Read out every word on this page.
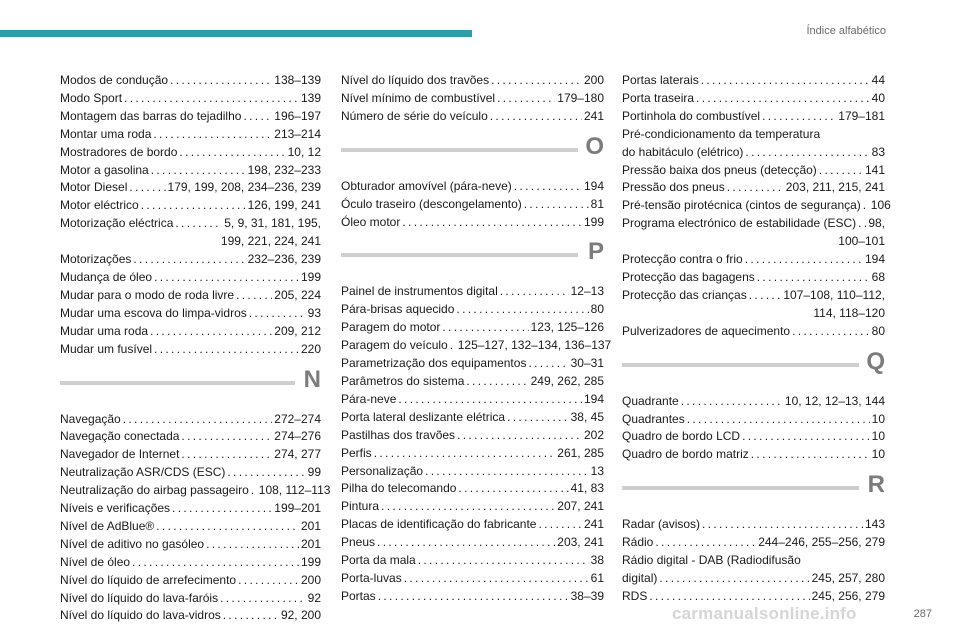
Índice alfabético
Modos de condução . . .	138–139
Modo Sport . . .	139
Montagem das barras do tejadilho . . .	196–197
Montar uma roda . . .	213–214
Mostradores de bordo . . .	10, 12
Motor a gasolina . . .	198, 232–233
Motor Diesel . . .	179, 199, 208, 234–236, 239
Motor eléctrico . . .	126, 199, 241
Motorização eléctrica . . .	5, 9, 31, 181, 195,
199, 221, 224, 241
Motorizações . . .	232–236, 239
Mudança de óleo . . .	199
Mudar para o modo de roda livre . . .	205, 224
Mudar uma escova do limpa-vidros . . .	93
Mudar uma roda . . .	209, 212
Mudar um fusível . . .	220
N
Navegação . . .	272–274
Navegação conectada . . .	274–276
Navegador de Internet . . .	274, 277
Neutralização ASR/CDS (ESC) . . .	99
Neutralização do airbag passageiro . . . 108, 112–113
Níveis e verificações . . .	199–201
Nível de AdBlue® . . .	201
Nível de aditivo no gasóleo . . .	201
Nível de óleo . . .	199
Nível do líquido de arrefecimento . . .	200
Nível do líquido do lava-faróis . . .	92
Nível do líquido do lava-vidros . . .	92, 200
Nível do líquido dos travões . . .	200
Nível mínimo de combustível . . .	179–180
Número de série do veículo . . .	241
O
Obturador amovível (pára-neve) . . .	194
Óculo traseiro (descongelamento) . . .	81
Óleo motor . . .	199
P
Painel de instrumentos digital . . .	12–13
Pára-brisas aquecido . . .	80
Paragem do motor . . .	123, 125–126
Paragem do veículo . . . 125–127, 132–134, 136–137
Parametrização dos equipamentos . . .	30–31
Parâmetros do sistema . . .	249, 262, 285
Pára-neve . . .	194
Porta lateral deslizante elétrica . . .	38, 45
Pastilhas dos travões . . .	202
Perfis . . .	261, 285
Personalização . . .	13
Pilha do telecomando . . .	41, 83
Pintura . . .	207, 241
Placas de identificação do fabricante . . .	241
Pneus . . .	203, 241
Porta da mala . . .	38
Porta-luvas . . .	61
Portas . . .	38–39
Portas laterais . . .	44
Porta traseira . . .	40
Portinhola do combustível . . .	179–181
Pré-condicionamento da temperatura
do habitáculo (elétrico) . . .	83
Pressão baixa dos pneus (detecção) . . .	141
Pressão dos pneus . . .	203, 211, 215, 241
Pré-tensão pirotécnica (cintos de segurança) . . . 106
Programa electrónico de estabilidade (ESC) . . . 98,
100–101
Protecção contra o frio . . .	194
Protecção das bagagens . . .	68
Protecção das crianças . . .	107–108, 110–112,
114, 118–120
Pulverizadores de aquecimento . . .	80
Q
Quadrante . . .	10, 12, 12–13, 144
Quadrantes . . .	10
Quadro de bordo LCD . . .	10
Quadro de bordo matriz . . .	10
R
Radar (avisos) . . .	143
Rádio . . .	244–246, 255–256, 279
Rádio digital - DAB (Radiodifusão
digital) . . .	245, 257, 280
RDS . . .	245, 256, 279
carmanualsonline.info	287
